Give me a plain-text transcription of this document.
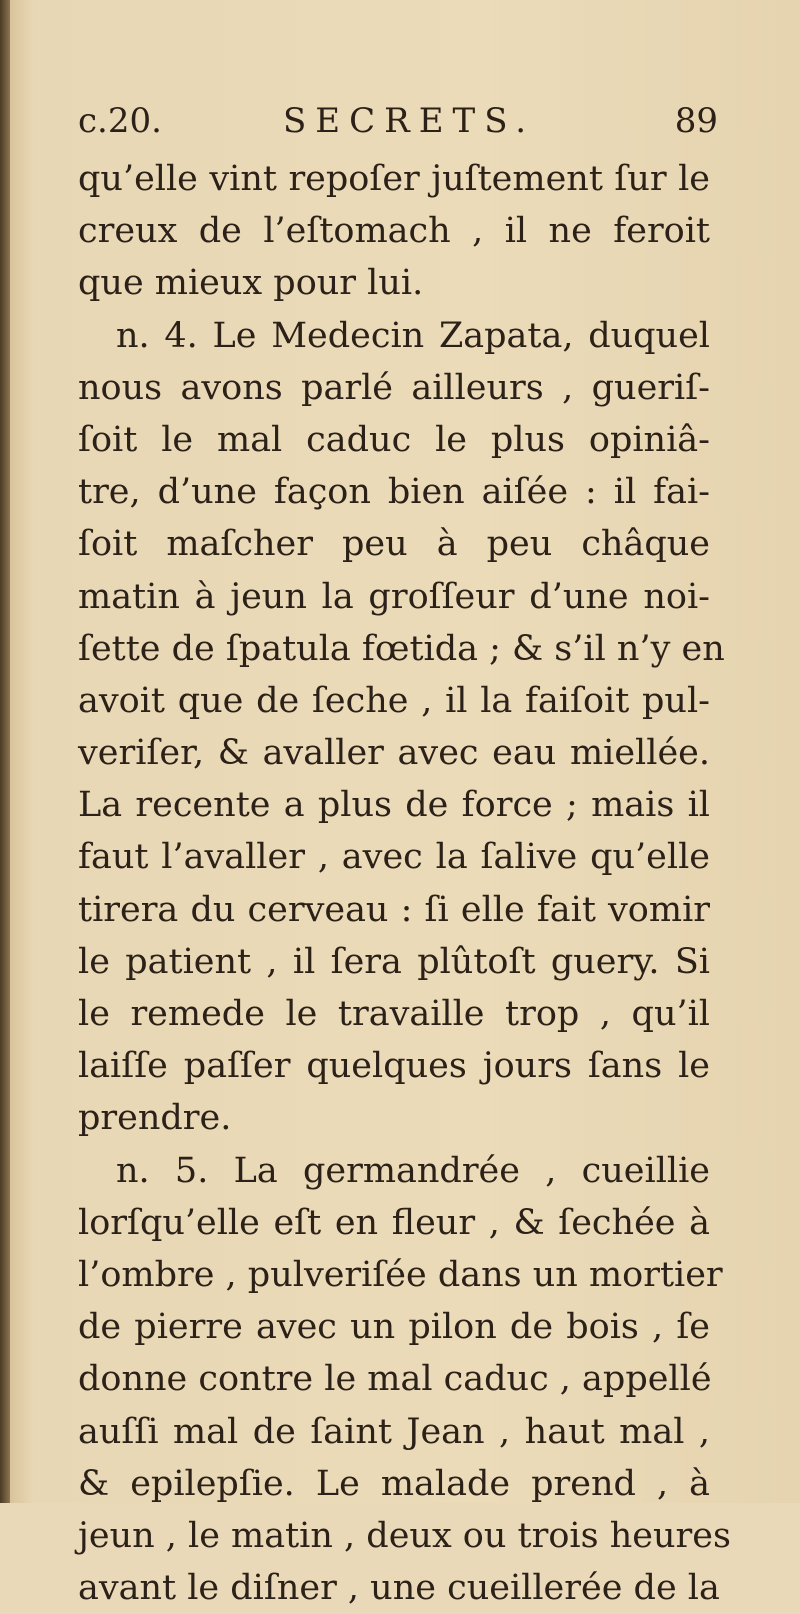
c.20.	SECRETS.	89
qu’elle vint repoſer juſtement ſur le
creux de l’eſtomach , il ne feroit
que mieux pour lui.
n. 4. Le Medecin Zapata, duquel
nous avons parlé ailleurs , gueriſ-
ſoit le mal caduc le plus opiniâ-
tre, d’une façon bien aiſée : il fai-
ſoit maſcher peu à peu châque
matin à jeun la groſſeur d’une noi-
ſette de ſpatula fœtida ; & s’il n’y en
avoit que de ſeche , il la faiſoit pul-
veriſer, & avaller avec eau miellée.
La recente a plus de force ; mais il
faut l’avaller , avec la ſalive qu’elle
tirera du cerveau : ſi elle fait vomir
le patient , il ſera plûtoſt guery. Si
le remede le travaille trop , qu’il
laiſſe paſſer quelques jours ſans le
prendre.
n. 5. La germandrée , cueillie
lorſqu’elle eſt en fleur , & ſechée à
l’ombre , pulveriſée dans un mortier
de pierre avec un pilon de bois , ſe
donne contre le mal caduc , appellé
auſſi mal de ſaint Jean , haut mal ,
& epilepſie. Le malade prend , à
jeun , le matin , deux ou trois heures
avant le diſner , une cueillerée de la
